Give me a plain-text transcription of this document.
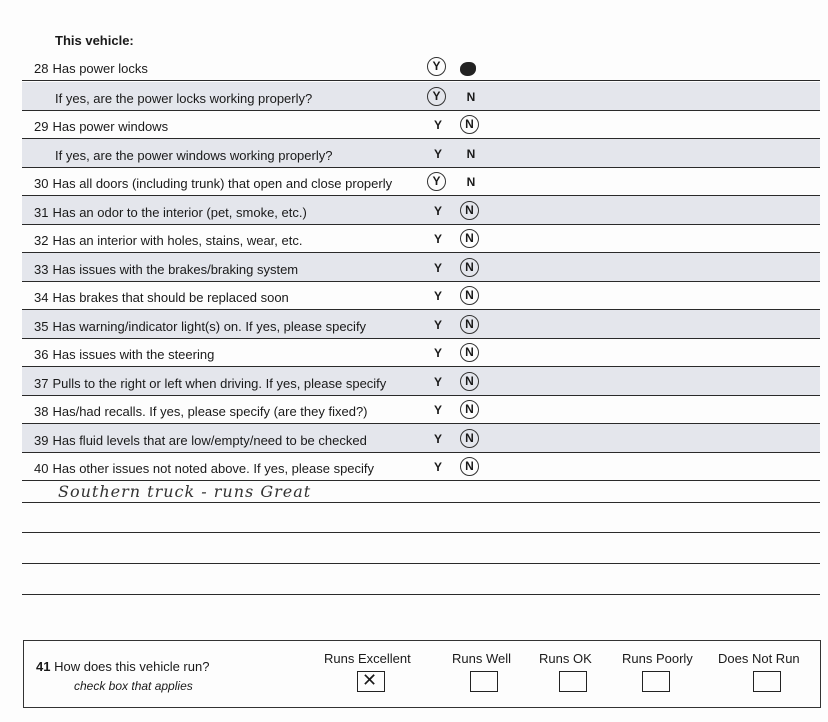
This vehicle:
28 Has power locks	Y	N
If yes, are the power locks working properly?	Y	N
29 Has power windows	Y	N
If yes, are the power windows working properly?	Y	N
30 Has all doors (including trunk) that open and close properly	Y	N
31 Has an odor to the interior (pet, smoke, etc.)	Y	N
32 Has an interior with holes, stains, wear, etc.	Y	N
33 Has issues with the brakes/braking system	Y	N
34 Has brakes that should be replaced soon	Y	N
35 Has warning/indicator light(s) on. If yes, please specify	Y	N
36 Has issues with the steering	Y	N
37 Pulls to the right or left when driving. If yes, please specify	Y	N
38 Has/had recalls. If yes, please specify (are they fixed?)	Y	N
39 Has fluid levels that are low/empty/need to be checked	Y	N
40 Has other issues not noted above. If yes, please specify	Y	N
Southern truck - runs Great
41 How does this vehicle run?
check box that applies
Runs Excellent
✕
Runs Well Runs OK Runs Poorly Does Not Run
